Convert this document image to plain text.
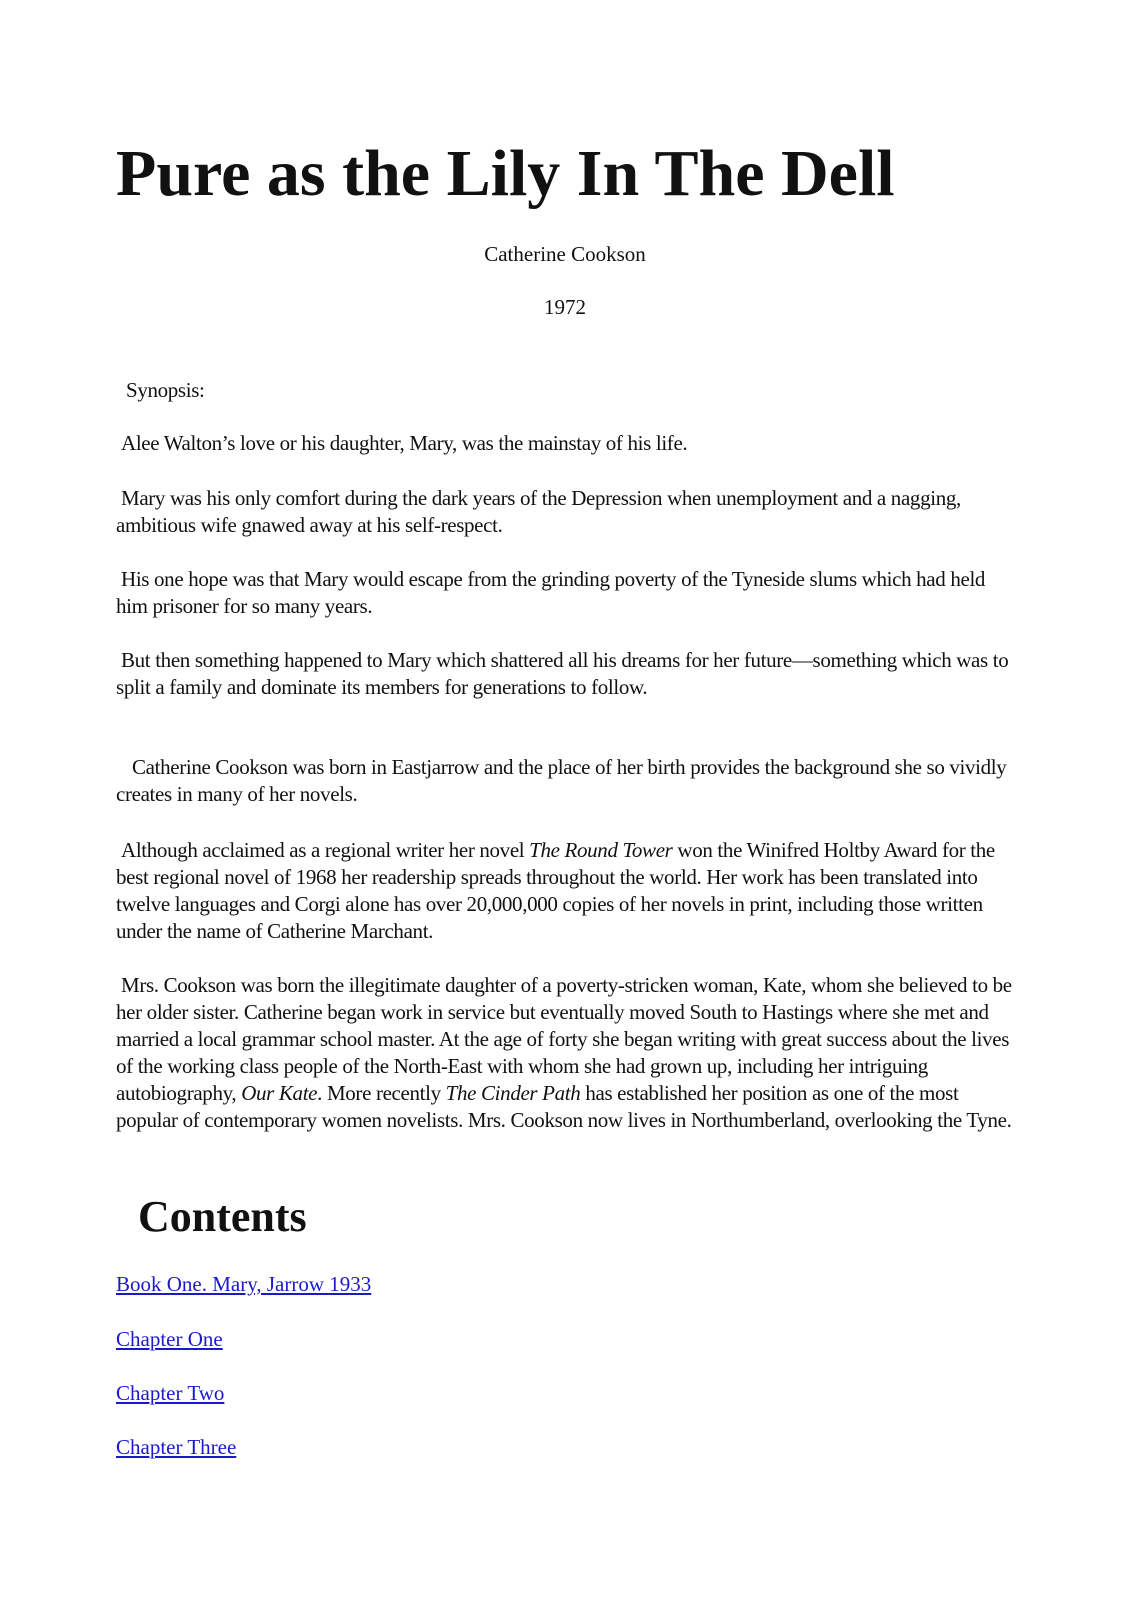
Pure as the Lily In The Dell
Catherine Cookson
1972

Synopsis:

Alee Walton’s love or his daughter, Mary, was the mainstay of his life.

Mary was his only comfort during the dark years of the Depression when unemployment and a nagging, ambitious wife gnawed away at his self-respect.

His one hope was that Mary would escape from the grinding poverty of the Tyneside slums which had held him prisoner for so many years.

But then something happened to Mary which shattered all his dreams for her future—something which was to split a family and dominate its members for generations to follow.

Catherine Cookson was born in Eastjarrow and the place of her birth provides the background she so vividly creates in many of her novels.

Although acclaimed as a regional writer her novel The Round Tower won the Winifred Holtby Award for the best regional novel of 1968 her readership spreads throughout the world. Her work has been translated into twelve languages and Corgi alone has over 20,000,000 copies of her novels in print, including those written under the name of Catherine Marchant.

Mrs. Cookson was born the illegitimate daughter of a poverty-stricken woman, Kate, whom she believed to be her older sister. Catherine began work in service but eventually moved South to Hastings where she met and married a local grammar school master. At the age of forty she began writing with great success about the lives of the working class people of the North-East with whom she had grown up, including her intriguing autobiography, Our Kate. More recently The Cinder Path has established her position as one of the most popular of contemporary women novelists. Mrs. Cookson now lives in Northumberland, overlooking the Tyne.

Contents
Book One. Mary, Jarrow 1933
Chapter One
Chapter Two
Chapter Three
